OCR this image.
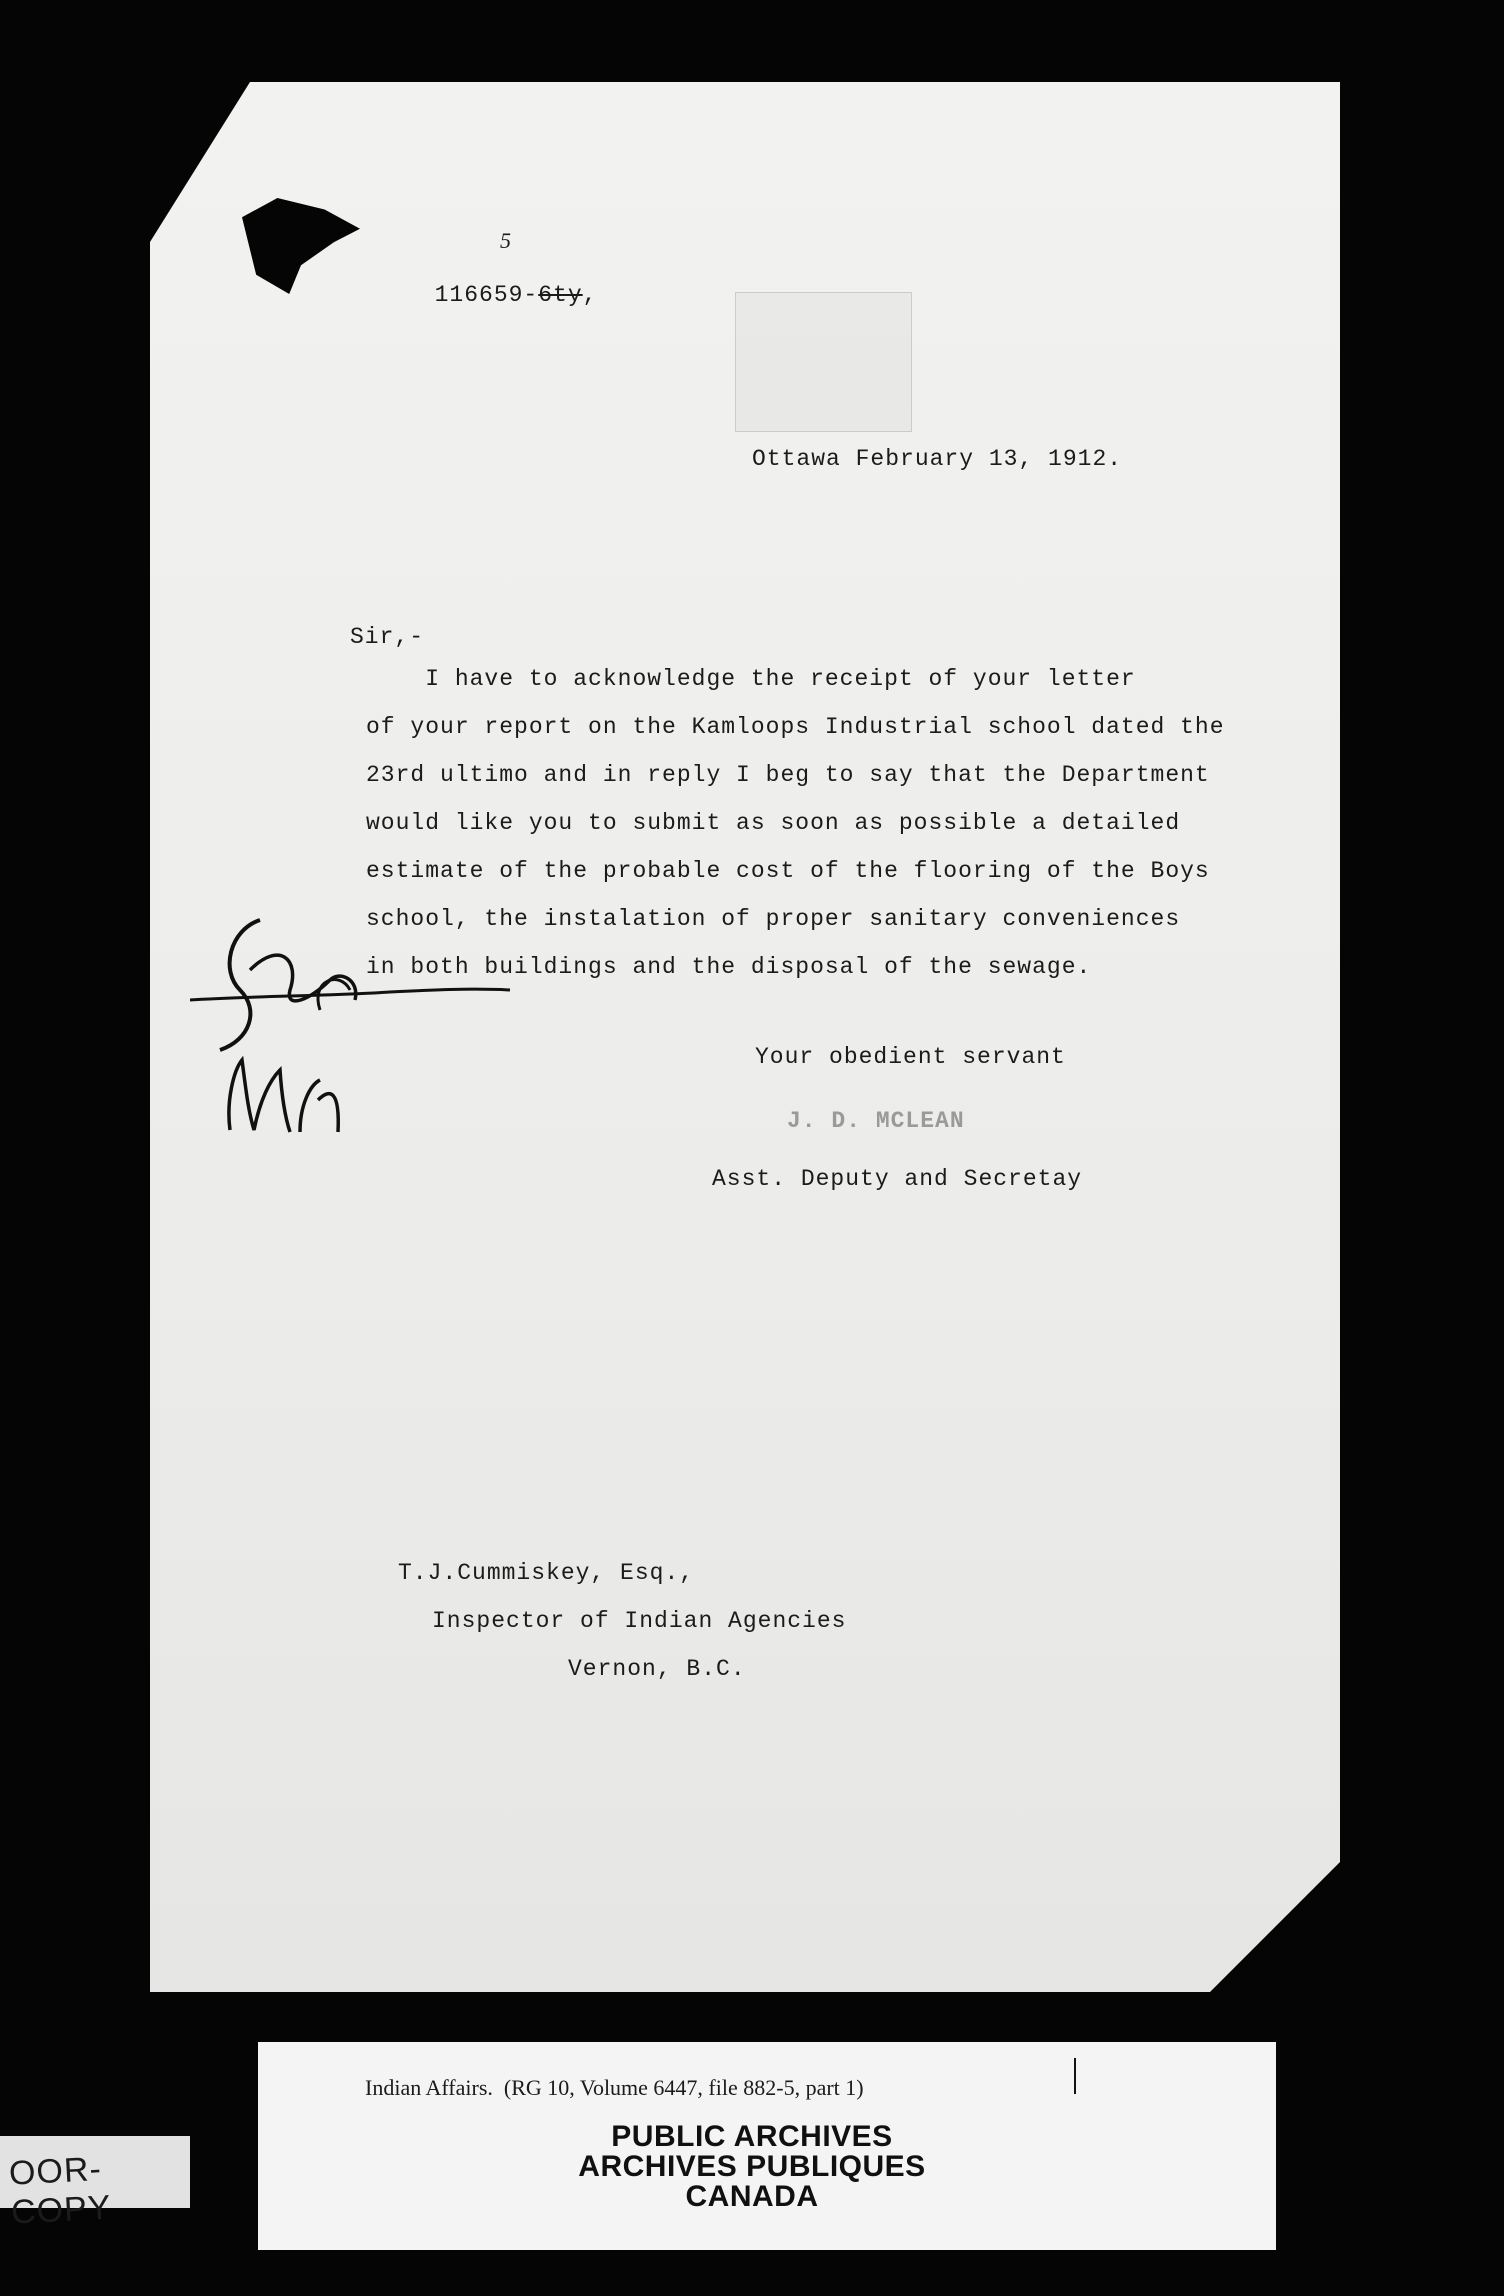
116659-6ty,

5

Ottawa February 13, 1912.
Sir,-
I have to acknowledge the receipt of your letter
of your report on the Kamloops Industrial school dated the
23rd ultimo and in reply I beg to say that the Department
would like you to submit as soon as possible a detailed
estimate of the probable cost of the flooring of the Boys
school, the instalation of proper sanitary conveniences
in both buildings and the disposal of the sewage.
Your obedient servant
J. D. MCLEAN
Asst. Deputy and Secretay
T.J.Cummiskey, Esq.,
Inspector of Indian Agencies
Vernon, B.C.
Indian Affairs.  (RG 10, Volume 6447, file 882-5, part 1)
PUBLIC ARCHIVES
ARCHIVES PUBLIQUES
CANADA
OOR-COPY
